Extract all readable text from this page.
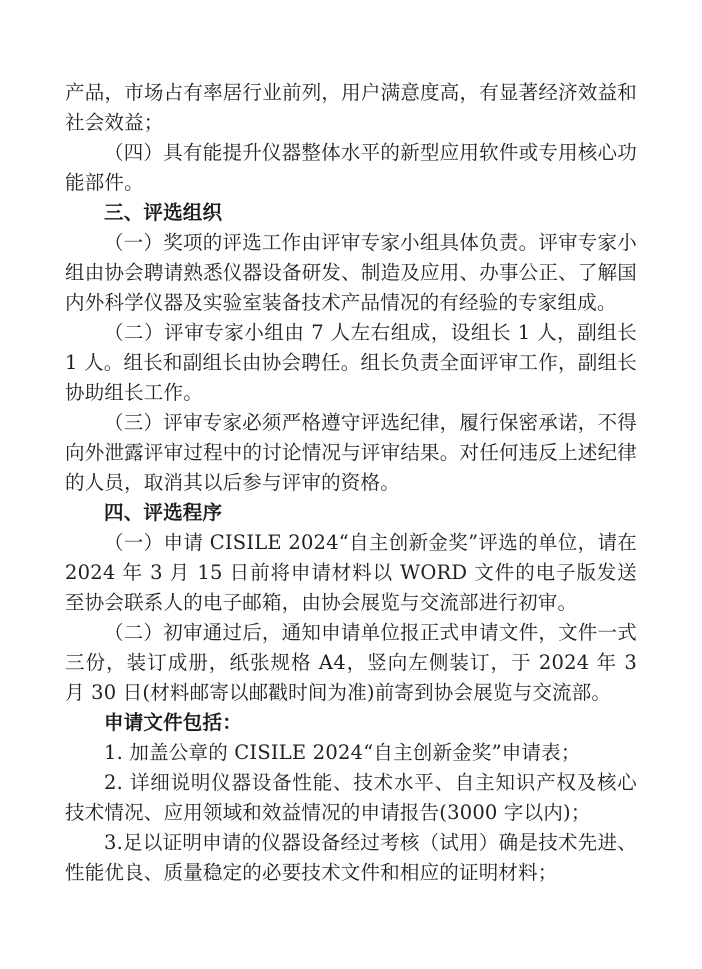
产品，市场占有率居行业前列，用户满意度高，有显著经济效益和社会效益；

（四）具有能提升仪器整体水平的新型应用软件或专用核心功能部件。

三、评选组织

（一）奖项的评选工作由评审专家小组具体负责。评审专家小组由协会聘请熟悉仪器设备研发、制造及应用、办事公正、了解国内外科学仪器及实验室装备技术产品情况的有经验的专家组成。

（二）评审专家小组由 7 人左右组成，设组长 1 人，副组长 1 人。组长和副组长由协会聘任。组长负责全面评审工作，副组长协助组长工作。

（三）评审专家必须严格遵守评选纪律，履行保密承诺，不得向外泄露评审过程中的讨论情况与评审结果。对任何违反上述纪律的人员，取消其以后参与评审的资格。

四、评选程序

（一）申请 CISILE 2024“自主创新金奖”评选的单位，请在 2024 年 3 月 15 日前将申请材料以 WORD 文件的电子版发送至协会联系人的电子邮箱，由协会展览与交流部进行初审。

（二）初审通过后，通知申请单位报正式申请文件，文件一式三份，装订成册，纸张规格 A4，竖向左侧装订，于 2024 年 3 月 30 日(材料邮寄以邮戳时间为准)前寄到协会展览与交流部。

申请文件包括：

1. 加盖公章的 CISILE 2024“自主创新金奖”申请表；

2. 详细说明仪器设备性能、技术水平、自主知识产权及核心技术情况、应用领域和效益情况的申请报告(3000 字以内)；

3.足以证明申请的仪器设备经过考核（试用）确是技术先进、性能优良、质量稳定的必要技术文件和相应的证明材料；
